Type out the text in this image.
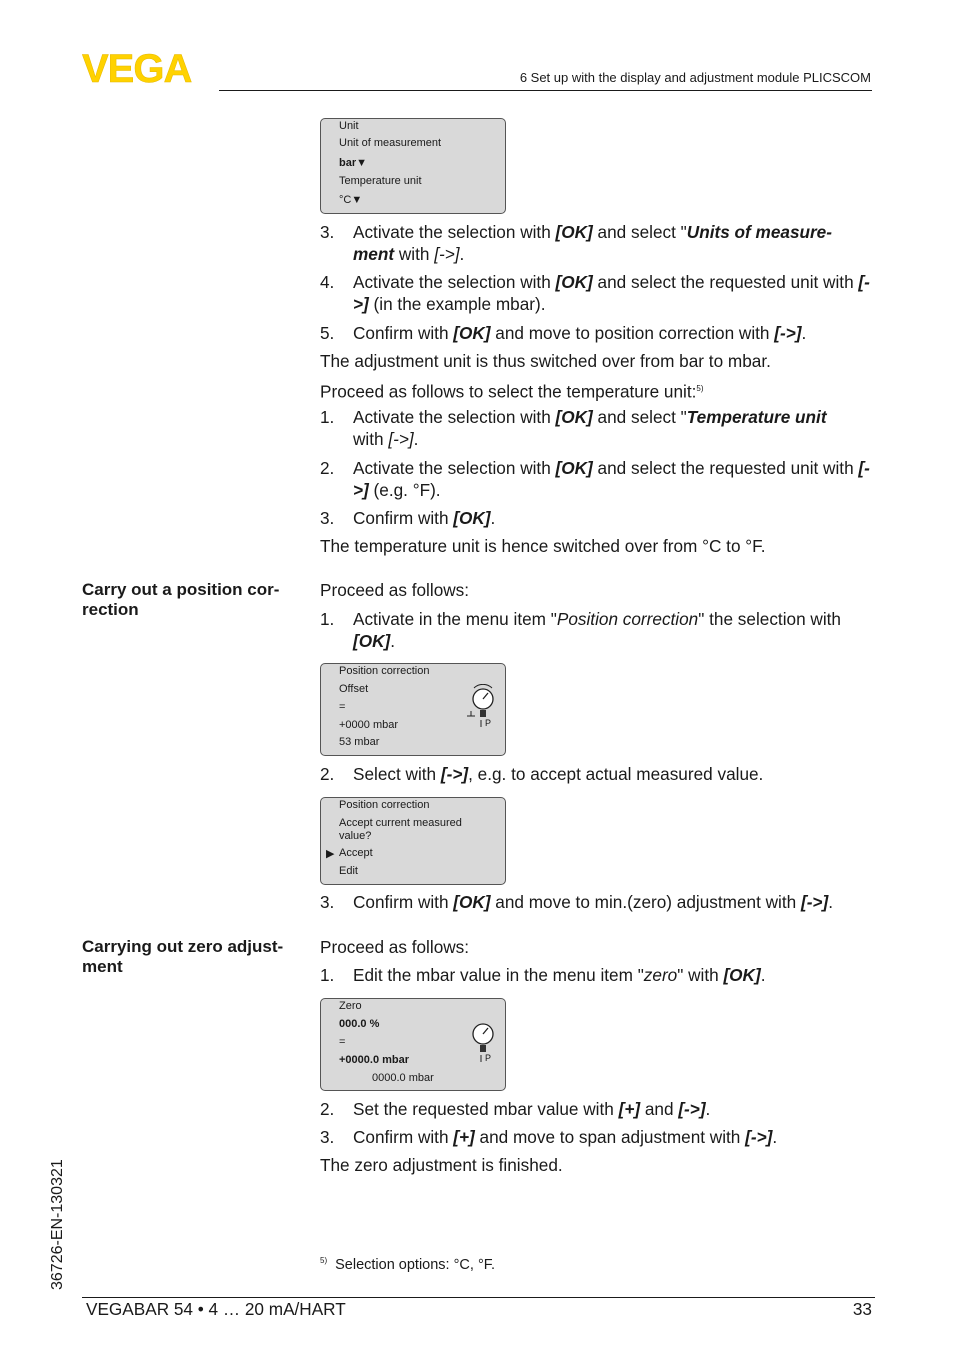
VEGA	6 Set up with the display and adjustment module PLICSCOM
Unit
Unit of measurement
bar▼
Temperature unit
°C▼
3. Activate the selection with [OK] and select "Units of measure-ment with [->].
4. Activate the selection with [OK] and select the requested unit with [->] (in the example mbar).
5. Confirm with [OK] and move to position correction with [->].
The adjustment unit is thus switched over from bar to mbar.
Proceed as follows to select the temperature unit:$^{5)}$
1. Activate the selection with [OK] and select "Temperature unit
with [->].
2. Activate the selection with [OK] and select the requested unit with [->] (e.g. °F).
3. Confirm with [OK].
The temperature unit is hence switched over from °C to °F.
Carry out a position cor-rection
Proceed as follows:
1. Activate in the menu item "Position correction" the selection with [OK].
Position correction
Offset
=
+0000 mbar
53 mbar
P
2. Select with [->], e.g. to accept actual measured value.
Position correction
Accept current measured
value?
▶ Accept
Edit
3. Confirm with [OK] and move to min.(zero) adjustment with [->].
Carrying out zero adjust-ment
Proceed as follows:
1. Edit the mbar value in the menu item "zero" with [OK].
Zero
000.0 %
=
+0000.0 mbar
0000.0 mbar
P
2. Set the requested mbar value with [+] and [->].
3. Confirm with [+] and move to span adjustment with [->].
The zero adjustment is finished.
$^{5)}$ Selection options: °C, °F.
36726-EN-130321
VEGABAR 54 • 4 … 20 mA/HART	33
